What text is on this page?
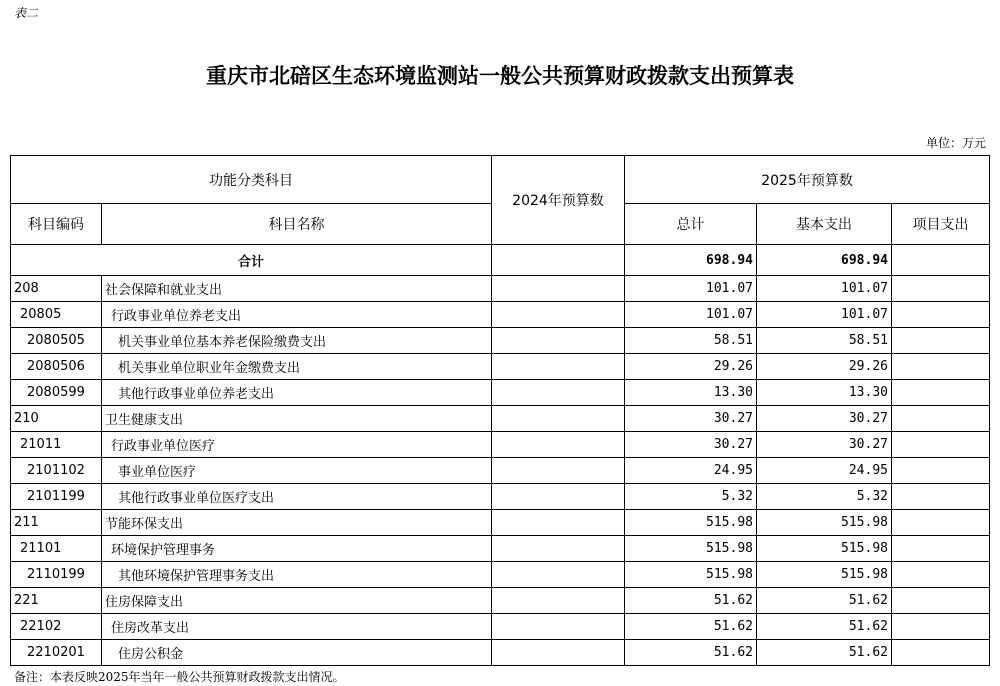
表二
重庆市北碚区生态环境监测站一般公共预算财政拨款支出预算表
单位：万元
功能分类科目		2024年预算数	2025年预算数		
科目编码	科目名称		总计	基本支出	项目支出
合计			698.94	698.94	
208	社会保障和就业支出		101.07	101.07	
20805	行政事业单位养老支出		101.07	101.07	
2080505	机关事业单位基本养老保险缴费支出		58.51	58.51	
2080506	机关事业单位职业年金缴费支出		29.26	29.26	
2080599	其他行政事业单位养老支出		13.30	13.30	
210	卫生健康支出		30.27	30.27	
21011	行政事业单位医疗		30.27	30.27	
2101102	事业单位医疗		24.95	24.95	
2101199	其他行政事业单位医疗支出		5.32	5.32	
211	节能环保支出		515.98	515.98	
21101	环境保护管理事务		515.98	515.98	
2110199	其他环境保护管理事务支出		515.98	515.98	
221	住房保障支出		51.62	51.62	
22102	住房改革支出		51.62	51.62	
2210201	住房公积金		51.62	51.62	
备注：本表反映2025年当年一般公共预算财政拨款支出情况。
